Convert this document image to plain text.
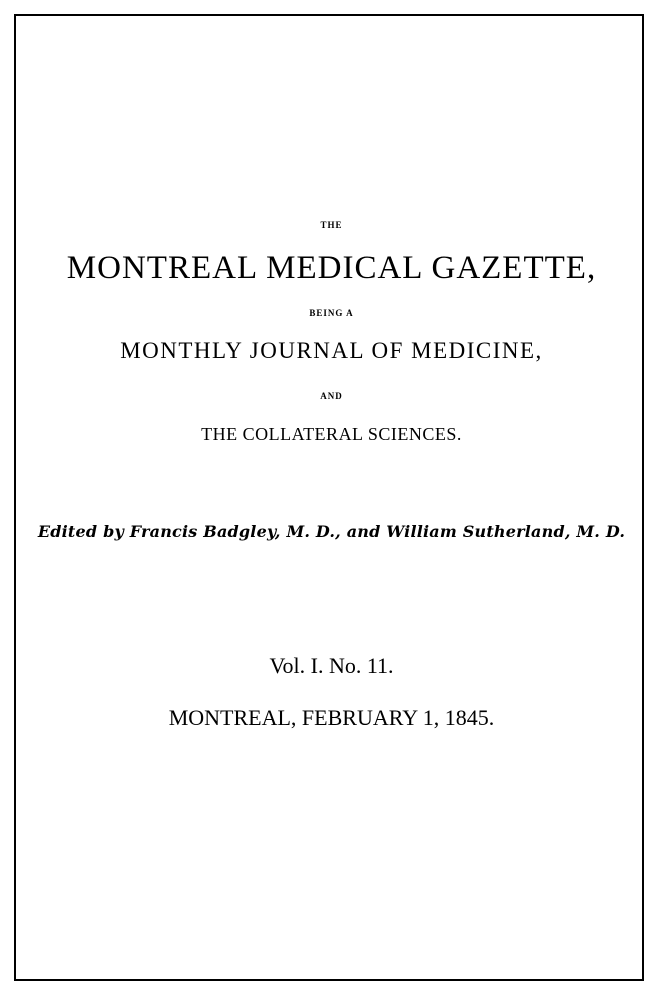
THE
MONTREAL MEDICAL GAZETTE,
BEING A
MONTHLY JOURNAL OF MEDICINE,
AND
THE COLLATERAL SCIENCES.
Edited by Francis Badgley, M. D., and William Sutherland, M. D.
Vol. I. No. 11.
MONTREAL, FEBRUARY 1, 1845.
